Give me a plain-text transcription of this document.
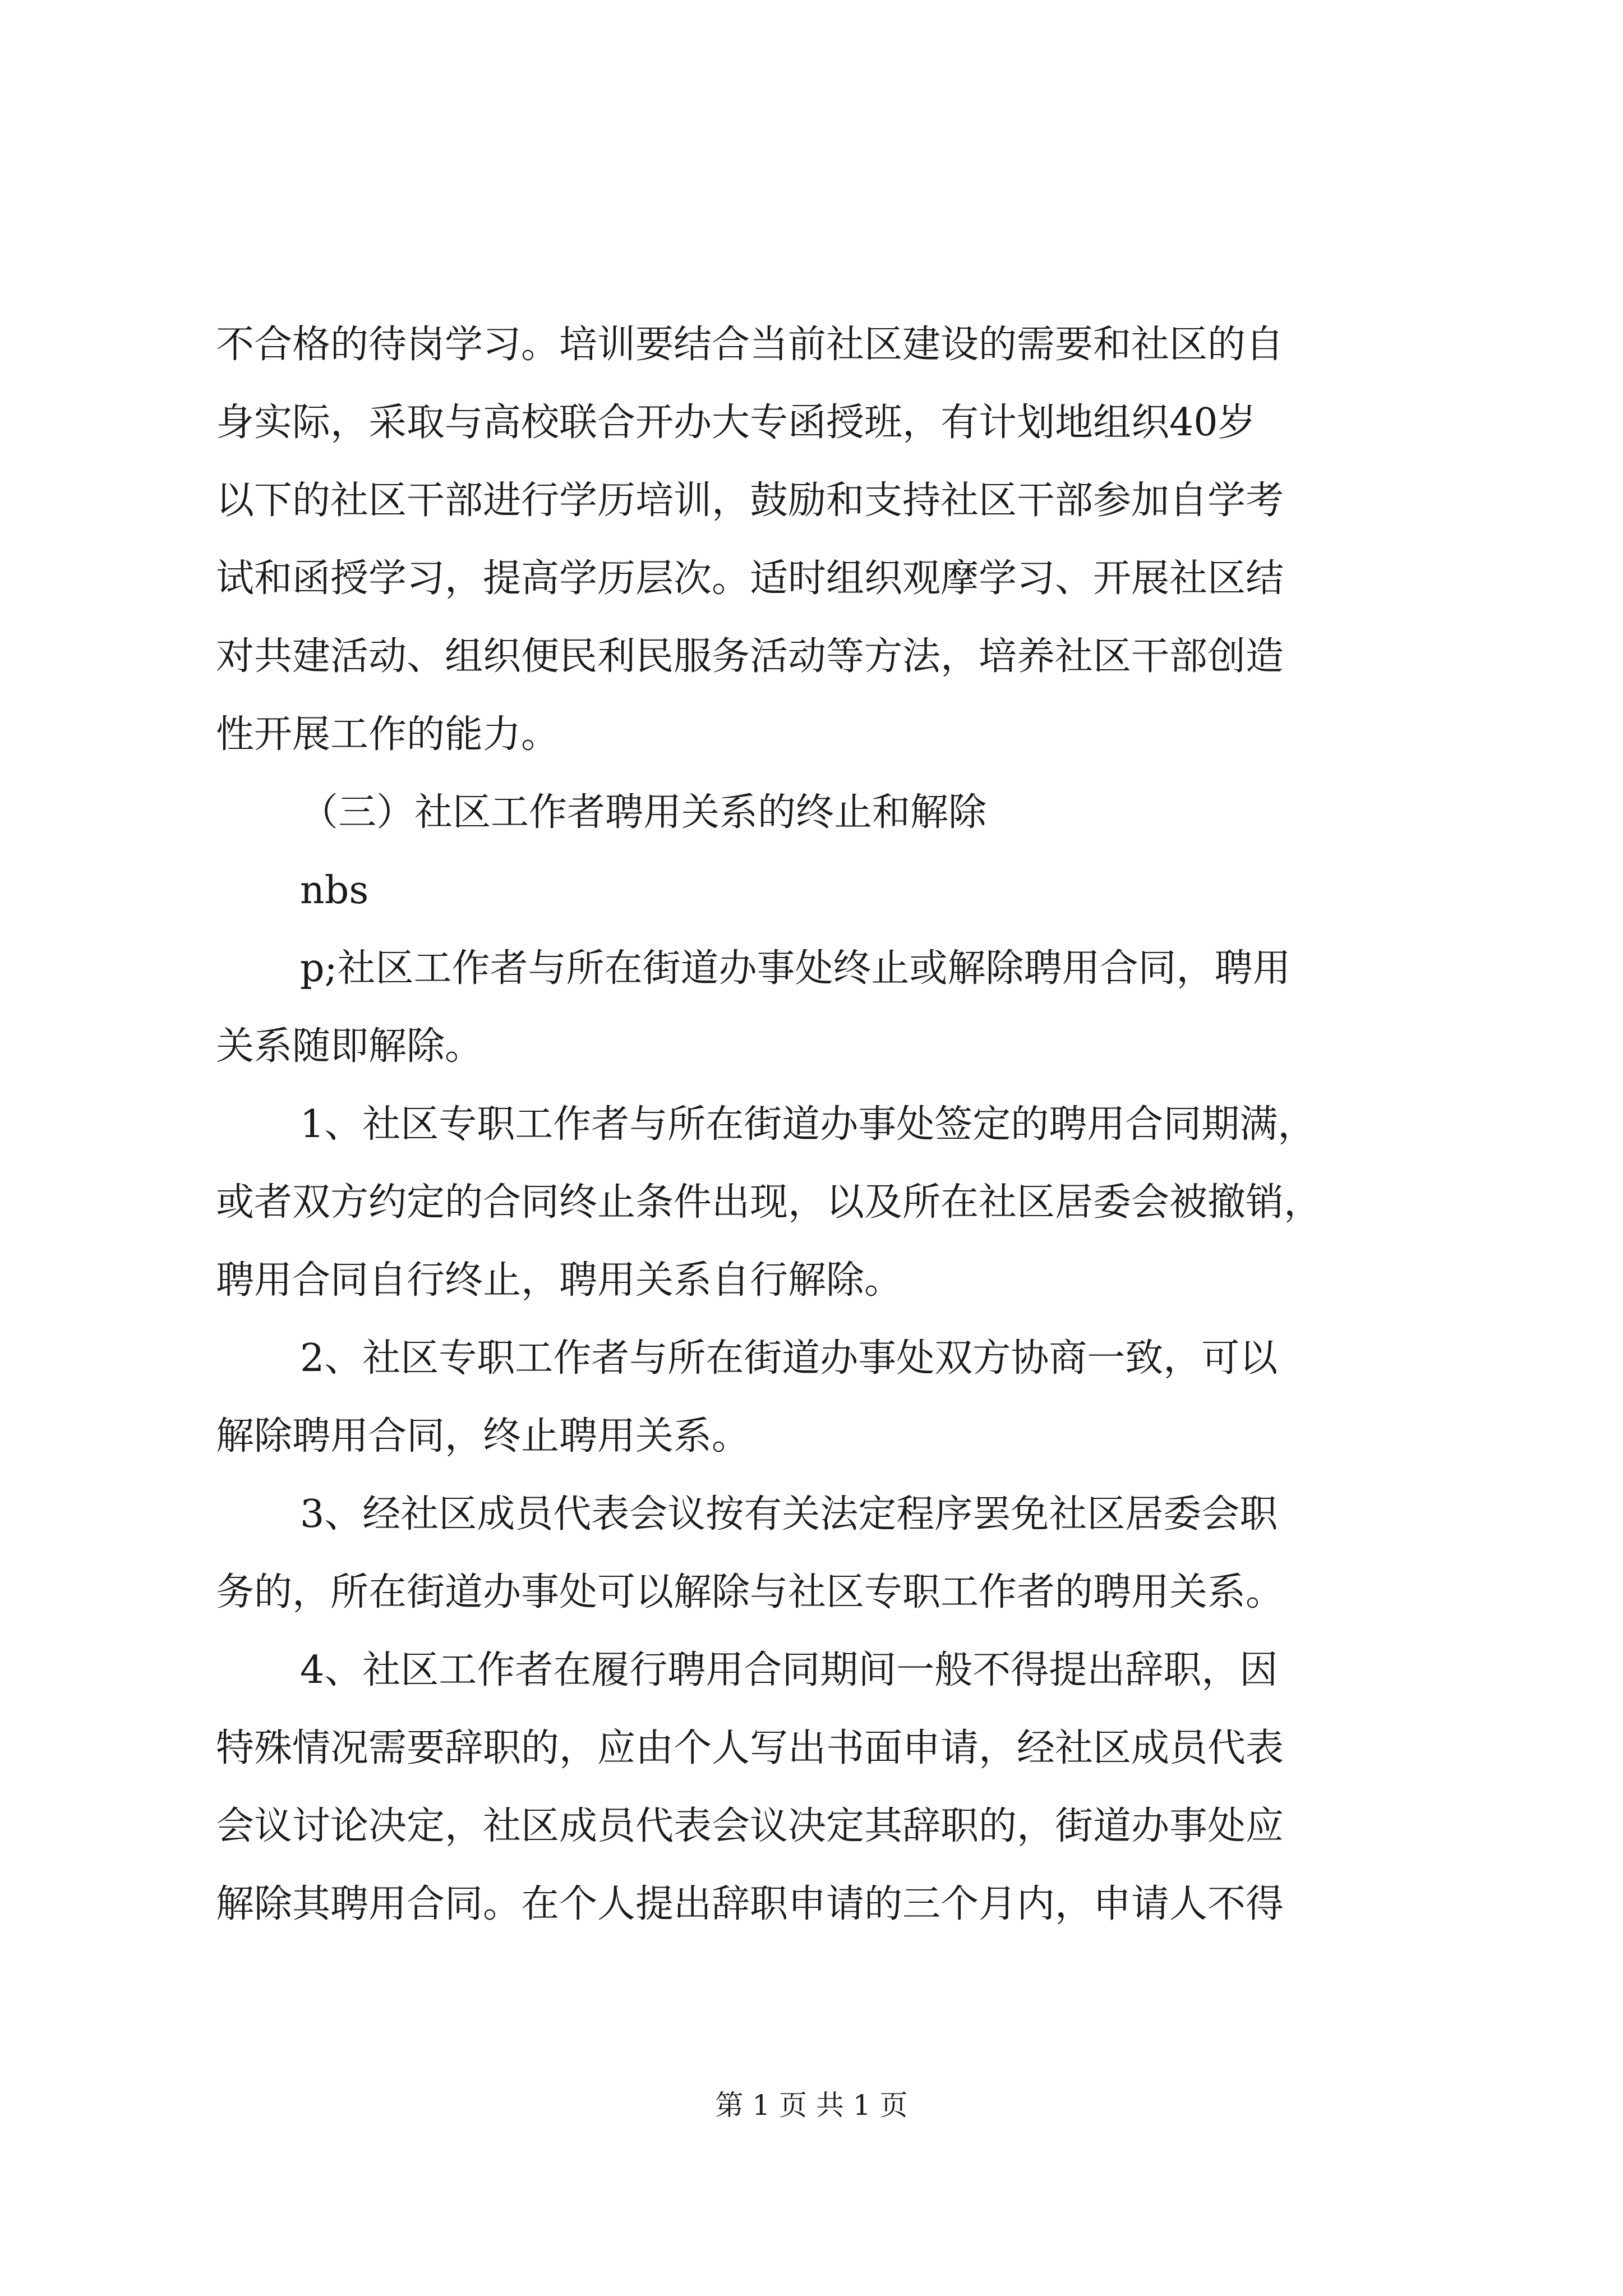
不合格的待岗学习。培训要结合当前社区建设的需要和社区的自
身实际，采取与高校联合开办大专函授班，有计划地组织40岁
以下的社区干部进行学历培训，鼓励和支持社区干部参加自学考
试和函授学习，提高学历层次。适时组织观摩学习、开展社区结
对共建活动、组织便民利民服务活动等方法，培养社区干部创造
性开展工作的能力。
（三）社区工作者聘用关系的终止和解除
nbs
p;社区工作者与所在街道办事处终止或解除聘用合同，聘用
关系随即解除。
1、社区专职工作者与所在街道办事处签定的聘用合同期满，
或者双方约定的合同终止条件出现，以及所在社区居委会被撤销，
聘用合同自行终止，聘用关系自行解除。
2、社区专职工作者与所在街道办事处双方协商一致，可以
解除聘用合同，终止聘用关系。
3、经社区成员代表会议按有关法定程序罢免社区居委会职
务的，所在街道办事处可以解除与社区专职工作者的聘用关系。
4、社区工作者在履行聘用合同期间一般不得提出辞职，因
特殊情况需要辞职的，应由个人写出书面申请，经社区成员代表
会议讨论决定，社区成员代表会议决定其辞职的，街道办事处应
解除其聘用合同。在个人提出辞职申请的三个月内，申请人不得
第 1 页 共 1 页
